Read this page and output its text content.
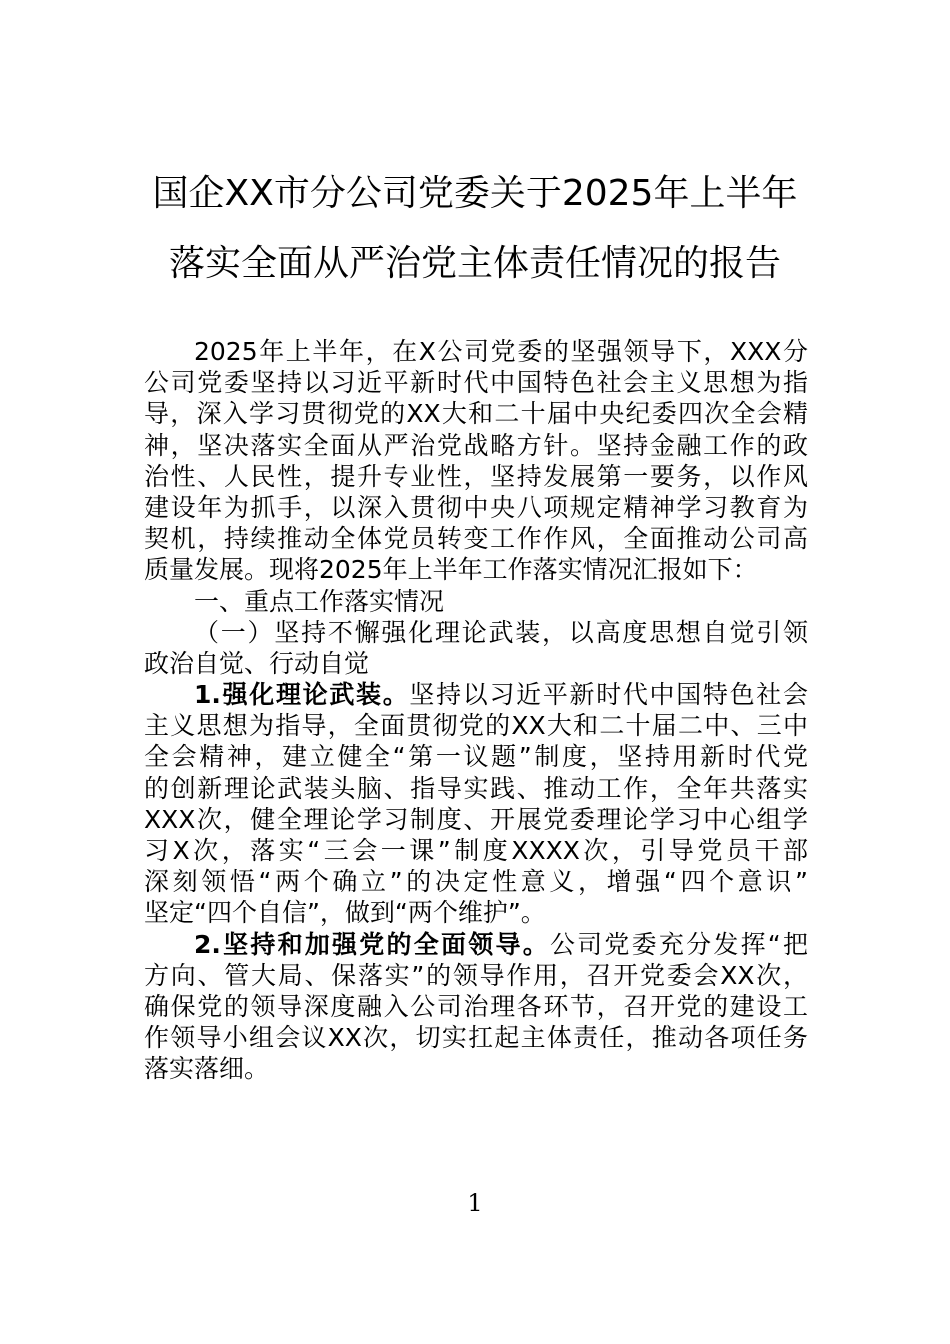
国企XX市分公司党委关于2025年上半年
落实全面从严治党主体责任情况的报告
2025年上半年，在X公司党委的坚强领导下，XXX分
公司党委坚持以习近平新时代中国特色社会主义思想为指
导，深入学习贯彻党的XX大和二十届中央纪委四次全会精
神，坚决落实全面从严治党战略方针。坚持金融工作的政
治性、人民性，提升专业性，坚持发展第一要务，以作风
建设年为抓手，以深入贯彻中央八项规定精神学习教育为
契机，持续推动全体党员转变工作作风，全面推动公司高
质量发展。现将2025年上半年工作落实情况汇报如下：
一、重点工作落实情况
（一）坚持不懈强化理论武装，以高度思想自觉引领
政治自觉、行动自觉
1.强化理论武装。坚持以习近平新时代中国特色社会
主义思想为指导，全面贯彻党的XX大和二十届二中、三中
全会精神，建立健全“第一议题”制度，坚持用新时代党
的创新理论武装头脑、指导实践、推动工作，全年共落实
XXX次，健全理论学习制度、开展党委理论学习中心组学
习X次，落实“三会一课”制度XXXX次，引导党员干部
深刻领悟“两个确立”的决定性意义，增强“四个意识”
坚定“四个自信”，做到“两个维护”。
2.坚持和加强党的全面领导。公司党委充分发挥“把
方向、管大局、保落实”的领导作用，召开党委会XX次，
确保党的领导深度融入公司治理各环节，召开党的建设工
作领导小组会议XX次，切实扛起主体责任，推动各项任务
落实落细。
1
